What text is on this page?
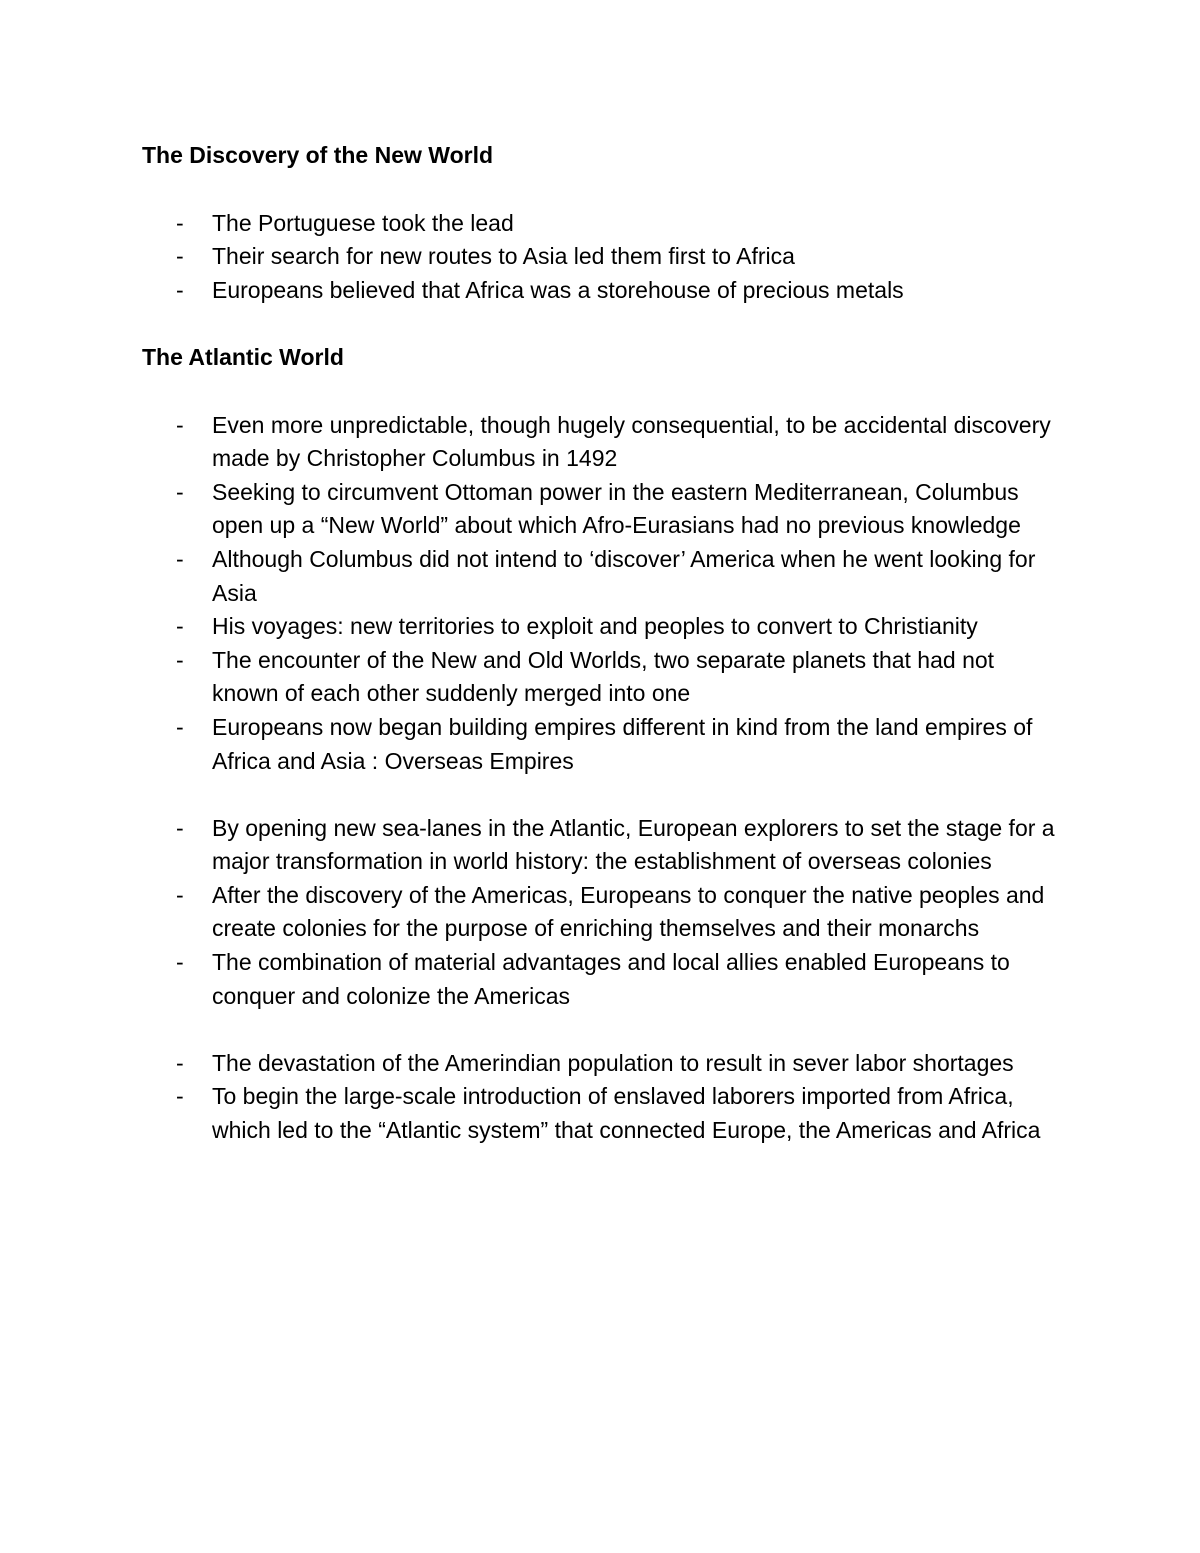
The Discovery of the New World
- The Portuguese took the lead
- Their search for new routes to Asia led them first to Africa
- Europeans believed that Africa was a storehouse of precious metals
The Atlantic World
- Even more unpredictable, though hugely consequential, to be accidental discovery made by Christopher Columbus in 1492
- Seeking to circumvent Ottoman power in the eastern Mediterranean, Columbus open up a “New World” about which Afro-Eurasians had no previous knowledge
- Although Columbus did not intend to ‘discover’ America when he went looking for Asia
- His voyages: new territories to exploit and peoples to convert to Christianity
- The encounter of the New and Old Worlds, two separate planets that had not known of each other suddenly merged into one
- Europeans now began building empires different in kind from the land empires of Africa and Asia : Overseas Empires
- By opening new sea-lanes in the Atlantic, European explorers to set the stage for a major transformation in world history: the establishment of overseas colonies
- After the discovery of the Americas, Europeans to conquer the native peoples and create colonies for the purpose of enriching themselves and their monarchs
- The combination of material advantages and local allies enabled Europeans to conquer and colonize the Americas
- The devastation of the Amerindian population to result in sever labor shortages
- To begin the large-scale introduction of enslaved laborers imported from Africa, which led to the “Atlantic system” that connected Europe, the Americas and Africa
